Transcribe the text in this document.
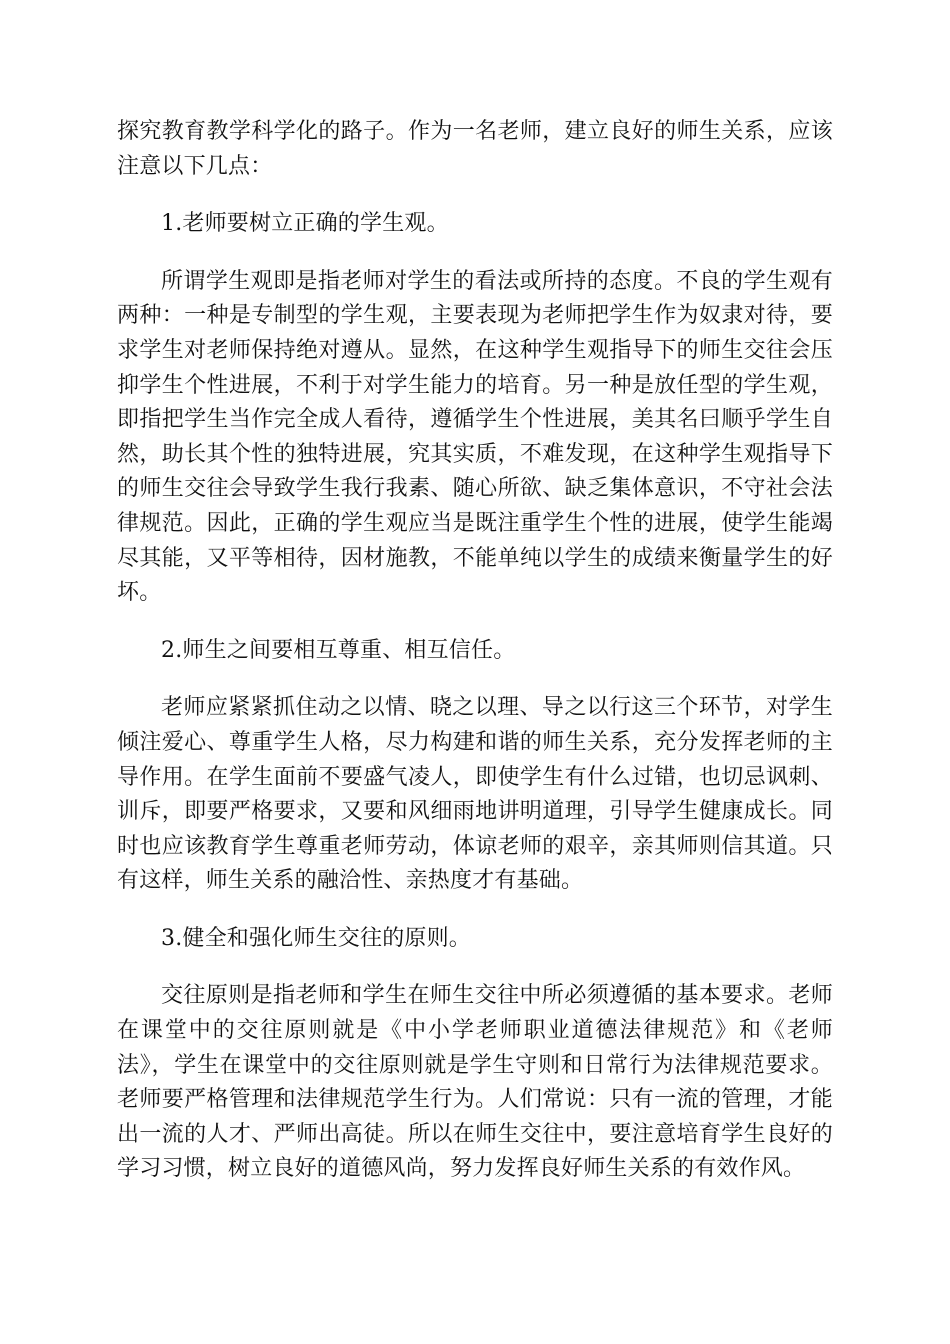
探究教育教学科学化的路子。作为一名老师，建立良好的师生关系，应该注意以下几点：

1.老师要树立正确的学生观。

所谓学生观即是指老师对学生的看法或所持的态度。不良的学生观有两种：一种是专制型的学生观，主要表现为老师把学生作为奴隶对待，要求学生对老师保持绝对遵从。显然，在这种学生观指导下的师生交往会压抑学生个性进展，不利于对学生能力的培育。另一种是放任型的学生观，即指把学生当作完全成人看待，遵循学生个性进展，美其名曰顺乎学生自然，助长其个性的独特进展，究其实质，不难发现，在这种学生观指导下的师生交往会导致学生我行我素、随心所欲、缺乏集体意识，不守社会法律规范。因此，正确的学生观应当是既注重学生个性的进展，使学生能竭尽其能，又平等相待，因材施教，不能单纯以学生的成绩来衡量学生的好坏。

2.师生之间要相互尊重、相互信任。

老师应紧紧抓住动之以情、晓之以理、导之以行这三个环节，对学生倾注爱心、尊重学生人格，尽力构建和谐的师生关系，充分发挥老师的主导作用。在学生面前不要盛气凌人，即使学生有什么过错，也切忌讽刺、训斥，即要严格要求，又要和风细雨地讲明道理，引导学生健康成长。同时也应该教育学生尊重老师劳动，体谅老师的艰辛，亲其师则信其道。只有这样，师生关系的融洽性、亲热度才有基础。

3.健全和强化师生交往的原则。

交往原则是指老师和学生在师生交往中所必须遵循的基本要求。老师在课堂中的交往原则就是《中小学老师职业道德法律规范》和《老师法》，学生在课堂中的交往原则就是学生守则和日常行为法律规范要求。老师要严格管理和法律规范学生行为。人们常说：只有一流的管理，才能出一流的人才、严师出高徒。所以在师生交往中，要注意培育学生良好的学习习惯，树立良好的道德风尚，努力发挥良好师生关系的有效作风。
